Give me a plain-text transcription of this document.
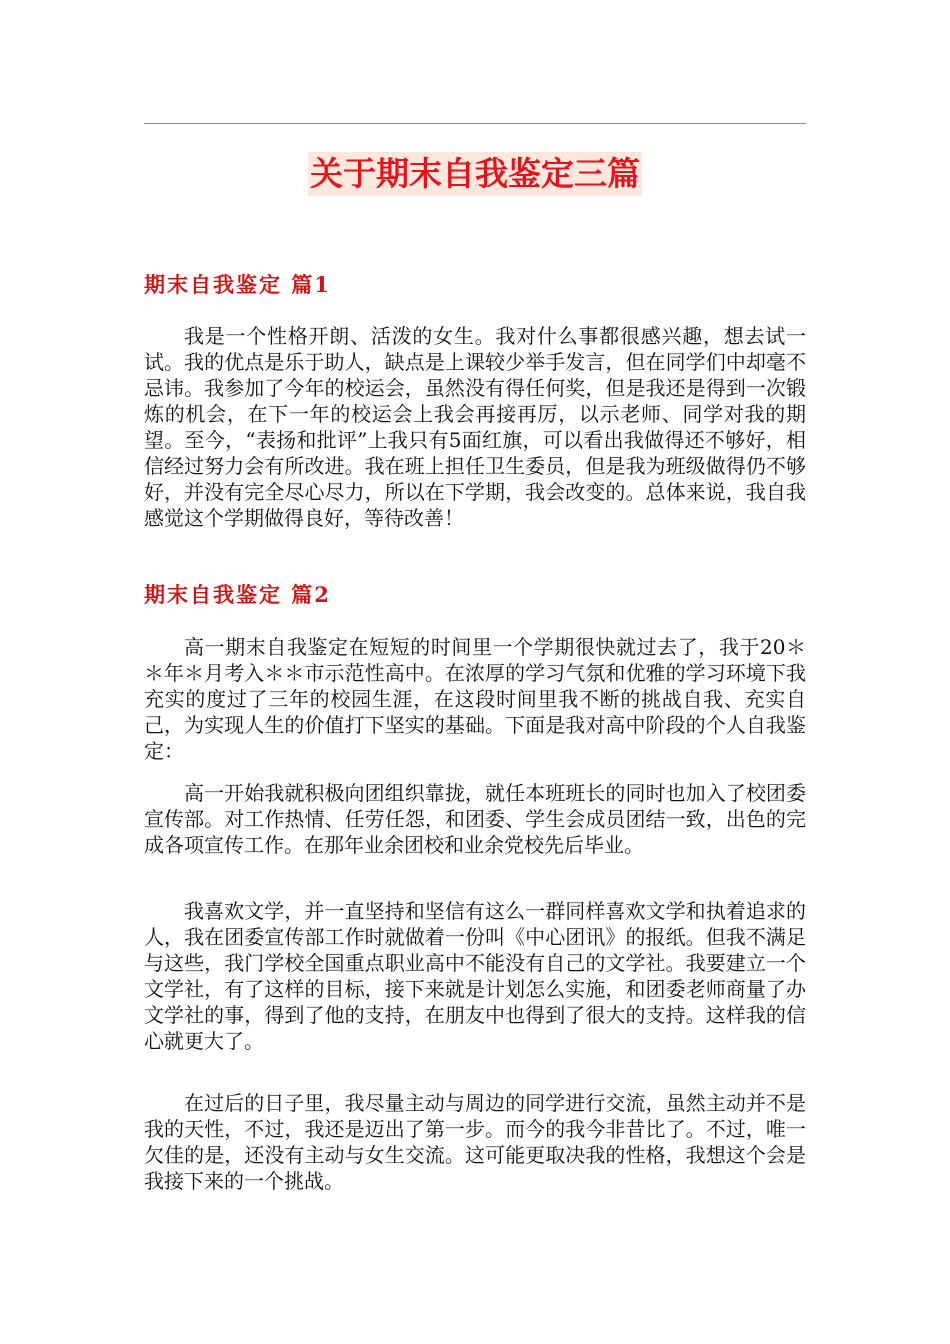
关于期末自我鉴定三篇
期末自我鉴定 篇1

我是一个性格开朗、活泼的女生。我对什么事都很感兴趣，想去试一试。我的优点是乐于助人，缺点是上课较少举手发言，但在同学们中却毫不忌讳。我参加了今年的校运会，虽然没有得任何奖，但是我还是得到一次锻炼的机会，在下一年的校运会上我会再接再厉，以示老师、同学对我的期望。至今，“表扬和批评”上我只有5面红旗，可以看出我做得还不够好，相信经过努力会有所改进。我在班上担任卫生委员，但是我为班级做得仍不够好，并没有完全尽心尽力，所以在下学期，我会改变的。总体来说，我自我感觉这个学期做得良好，等待改善！

期末自我鉴定 篇2

高一期末自我鉴定在短短的时间里一个学期很快就过去了，我于20＊＊年＊月考入＊＊市示范性高中。在浓厚的学习气氛和优雅的学习环境下我充实的度过了三年的校园生涯，在这段时间里我不断的挑战自我、充实自己，为实现人生的价值打下坚实的基础。下面是我对高中阶段的个人自我鉴定：

高一开始我就积极向团组织靠拢，就任本班班长的同时也加入了校团委宣传部。对工作热情、任劳任怨，和团委、学生会成员团结一致，出色的完成各项宣传工作。在那年业余团校和业余党校先后毕业。

我喜欢文学，并一直坚持和坚信有这么一群同样喜欢文学和执着追求的人，我在团委宣传部工作时就做着一份叫《中心团讯》的报纸。但我不满足与这些，我门学校全国重点职业高中不能没有自己的文学社。我要建立一个文学社，有了这样的目标，接下来就是计划怎么实施，和团委老师商量了办文学社的事，得到了他的支持，在朋友中也得到了很大的支持。这样我的信心就更大了。

在过后的日子里，我尽量主动与周边的同学进行交流，虽然主动并不是我的天性，不过，我还是迈出了第一步。而今的我今非昔比了。不过，唯一欠佳的是，还没有主动与女生交流。这可能更取决我的性格，我想这个会是我接下来的一个挑战。
